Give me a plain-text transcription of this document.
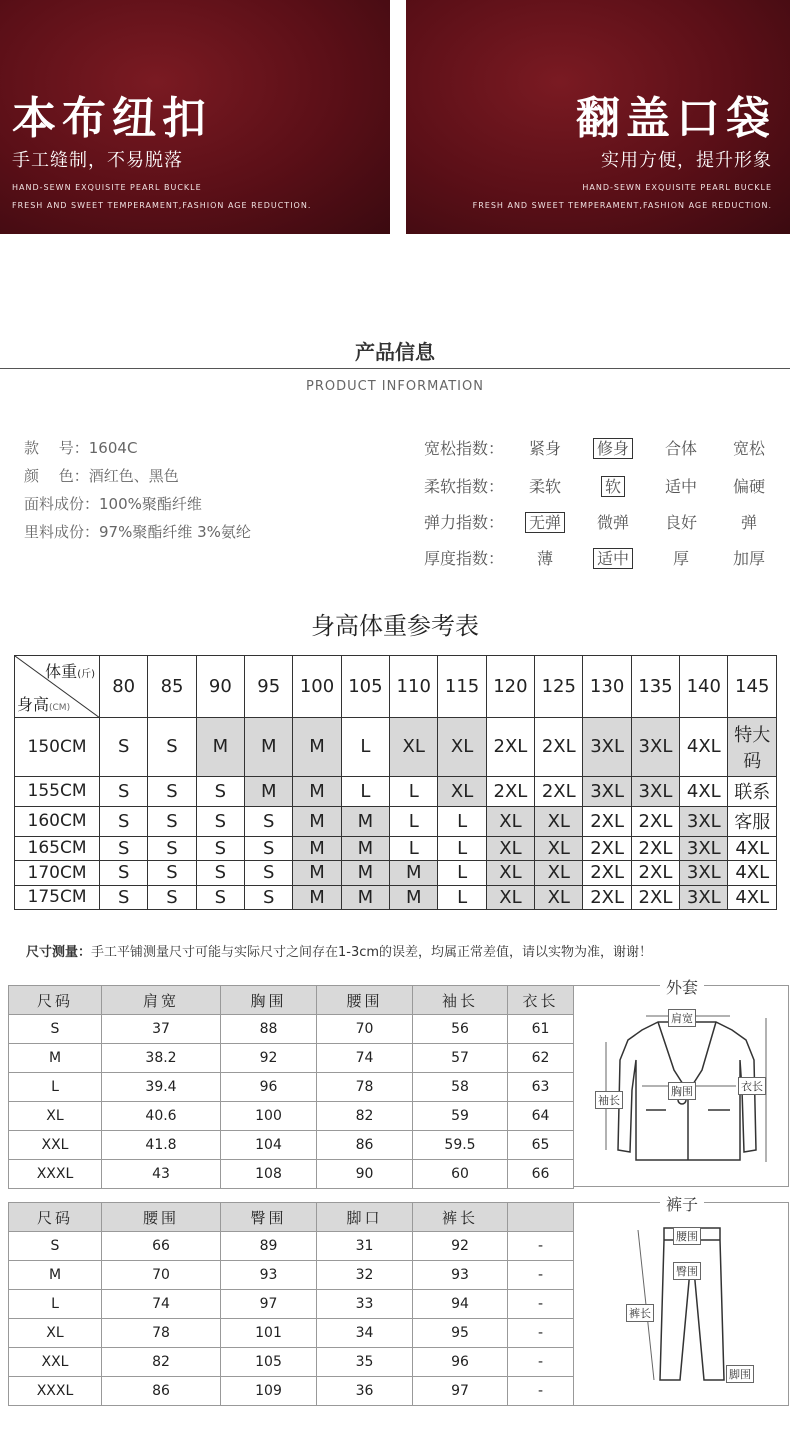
本布纽扣
手工缝制，不易脱落
HAND-SEWN EXQUISITE PEARL BUCKLE
FRESH AND SWEET TEMPERAMENT,FASHION AGE REDUCTION.
翻盖口袋
实用方便，提升形象
HAND-SEWN EXQUISITE PEARL BUCKLE
FRESH AND SWEET TEMPERAMENT,FASHION AGE REDUCTION.
产品信息
PRODUCT INFORMATION
款　 号：1604C
颜　 色：酒红色、黑色
面料成份：100%聚酯纤维
里料成份：97%聚酯纤维 3%氨纶
宽松指数：	紧身	修身	合体	宽松
柔软指数：	柔软	软	适中	偏硬
弹力指数：	无弹	微弹	良好	弹
厚度指数：	薄	适中	厚	加厚
身高体重参考表
体重(斤)
身高(CM)	80	85	90	95	100	105	110	115	120	125	130	135	140	145
150CM	S	S	M	M	M	L	XL	XL	2XL	2XL	3XL	3XL	4XL	特大码
155CM	S	S	S	M	M	L	L	XL	2XL	2XL	3XL	3XL	4XL	联系
160CM	S	S	S	S	M	M	L	L	XL	XL	2XL	2XL	3XL	客服
165CM	S	S	S	S	M	M	L	L	XL	XL	2XL	2XL	3XL	4XL
170CM	S	S	S	S	M	M	M	L	XL	XL	2XL	2XL	3XL	4XL
175CM	S	S	S	S	M	M	M	L	XL	XL	2XL	2XL	3XL	4XL
尺寸测量：手工平铺测量尺寸可能与实际尺寸之间存在1-3cm的误差，均属正常差值，请以实物为准，谢谢！
尺码	肩宽	胸围	腰围	袖长	衣长
S	37	88	70	56	61
M	38.2	92	74	57	62
L	39.4	96	78	58	63
XL	40.6	100	82	59	64
XXL	41.8	104	86	59.5	65
XXXL	43	108	90	60	66
外套
肩宽
胸围
袖长
衣长
尺码	腰围	臀围	脚口	裤长	
S	66	89	31	92	-
M	70	93	32	93	-
L	74	97	33	94	-
XL	78	101	34	95	-
XXL	82	105	35	96	-
XXXL	86	109	36	97	-
裤子
腰围
臀围
裤长
脚围
